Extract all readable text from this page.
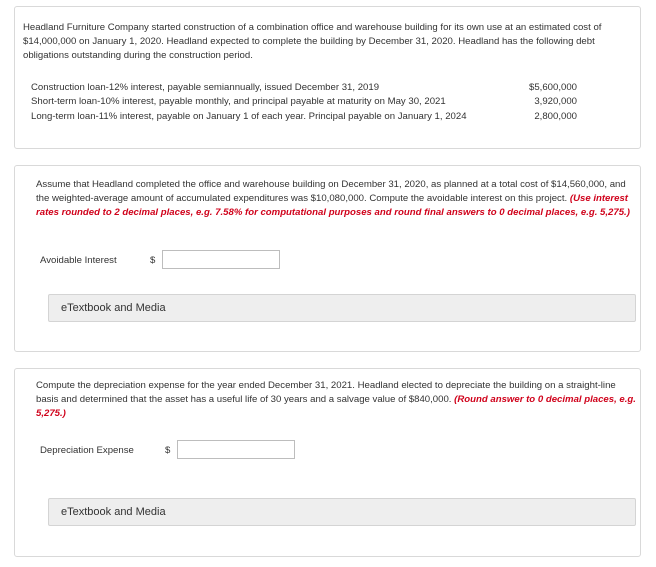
Headland Furniture Company started construction of a combination office and warehouse building for its own use at an estimated cost of $14,000,000 on January 1, 2020. Headland expected to complete the building by December 31, 2020. Headland has the following debt obligations outstanding during the construction period.

Construction loan-12% interest, payable semiannually, issued December 31, 2019	$5,600,000
Short-term loan-10% interest, payable monthly, and principal payable at maturity on May 30, 2021	3,920,000
Long-term loan-11% interest, payable on January 1 of each year. Principal payable on January 1, 2024	2,800,000

Assume that Headland completed the office and warehouse building on December 31, 2020, as planned at a total cost of $14,560,000, and the weighted-average amount of accumulated expenditures was $10,080,000. Compute the avoidable interest on this project. (Use interest rates rounded to 2 decimal places, e.g. 7.58% for computational purposes and round final answers to 0 decimal places, e.g. 5,275.)

Avoidable Interest	$
eTextbook and Media

Compute the depreciation expense for the year ended December 31, 2021. Headland elected to depreciate the building on a straight-line basis and determined that the asset has a useful life of 30 years and a salvage value of $840,000. (Round answer to 0 decimal places, e.g. 5,275.)

Depreciation Expense	$
eTextbook and Media
